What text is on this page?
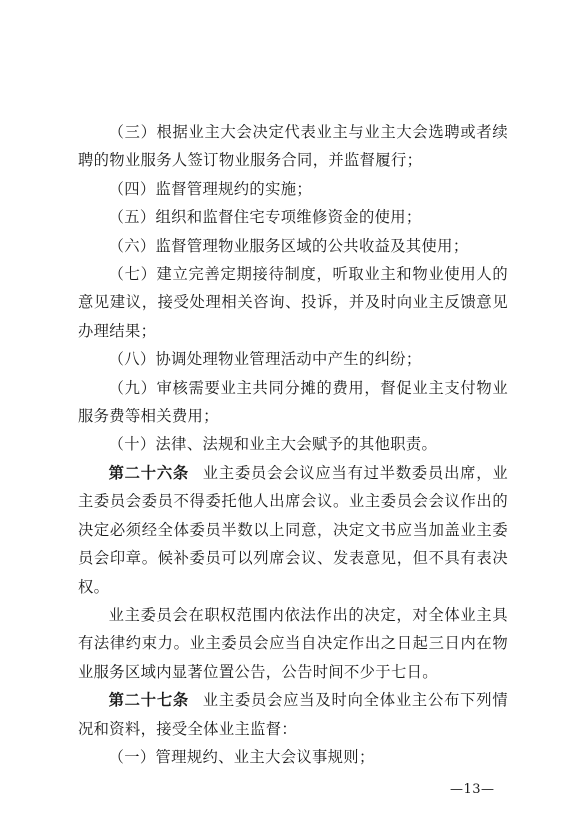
（三）根据业主大会决定代表业主与业主大会选聘或者续聘的物业服务人签订物业服务合同，并监督履行；

（四）监督管理规约的实施；

（五）组织和监督住宅专项维修资金的使用；

（六）监督管理物业服务区域的公共收益及其使用；

（七）建立完善定期接待制度，听取业主和物业使用人的意见建议，接受处理相关咨询、投诉，并及时向业主反馈意见办理结果；

（八）协调处理物业管理活动中产生的纠纷；

（九）审核需要业主共同分摊的费用，督促业主支付物业服务费等相关费用；

（十）法律、法规和业主大会赋予的其他职责。

第二十六条 业主委员会会议应当有过半数委员出席，业主委员会委员不得委托他人出席会议。业主委员会会议作出的决定必须经全体委员半数以上同意，决定文书应当加盖业主委员会印章。候补委员可以列席会议、发表意见，但不具有表决权。

业主委员会在职权范围内依法作出的决定，对全体业主具有法律约束力。业主委员会应当自决定作出之日起三日内在物业服务区域内显著位置公告，公告时间不少于七日。

第二十七条 业主委员会应当及时向全体业主公布下列情况和资料，接受全体业主监督：

（一）管理规约、业主大会议事规则；

—13—
